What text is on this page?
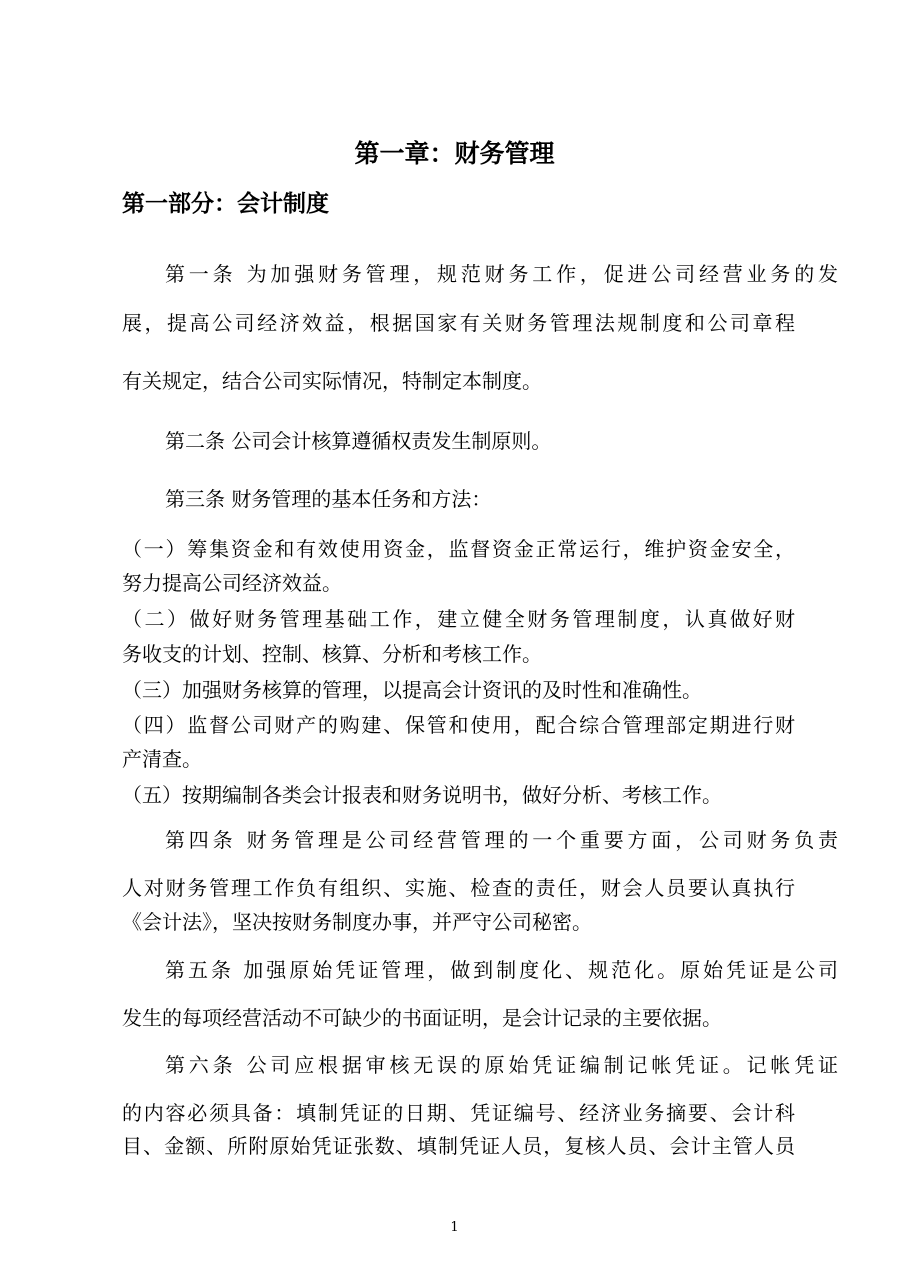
第一章：财务管理
第一部分：会计制度

第一条 为加强财务管理，规范财务工作，促进公司经营业务的发

展，提高公司经济效益，根据国家有关财务管理法规制度和公司章程

有关规定，结合公司实际情况，特制定本制度。

第二条 公司会计核算遵循权责发生制原则。

第三条 财务管理的基本任务和方法：

（一）筹集资金和有效使用资金，监督资金正常运行，维护资金安全，

努力提高公司经济效益。

（二）做好财务管理基础工作，建立健全财务管理制度，认真做好财

务收支的计划、控制、核算、分析和考核工作。

（三）加强财务核算的管理，以提高会计资讯的及时性和准确性。

（四）监督公司财产的购建、保管和使用，配合综合管理部定期进行财

产清查。

（五）按期编制各类会计报表和财务说明书，做好分析、考核工作。

第四条 财务管理是公司经营管理的一个重要方面，公司财务负责

人对财务管理工作负有组织、实施、检查的责任，财会人员要认真执行

《会计法》，坚决按财务制度办事，并严守公司秘密。

第五条 加强原始凭证管理，做到制度化、规范化。原始凭证是公司

发生的每项经营活动不可缺少的书面证明，是会计记录的主要依据。

第六条 公司应根据审核无误的原始凭证编制记帐凭证。记帐凭证

的内容必须具备：填制凭证的日期、凭证编号、经济业务摘要、会计科

目、金额、所附原始凭证张数、填制凭证人员，复核人员、会计主管人员

1
